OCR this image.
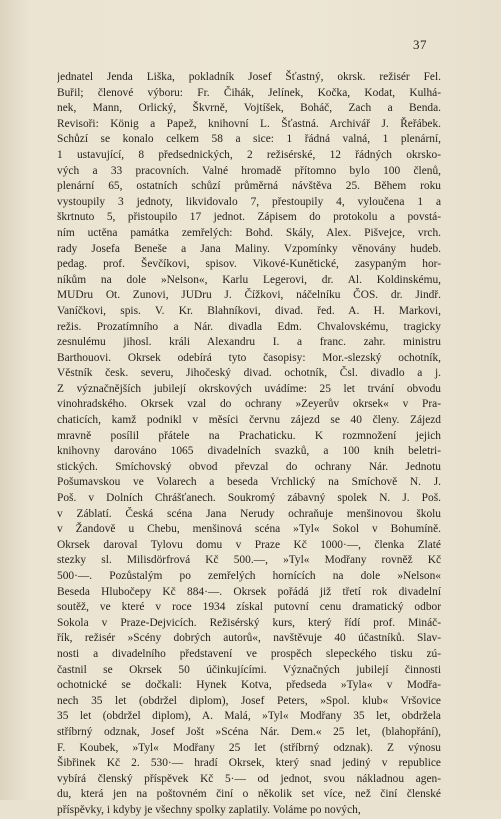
37
jednatel Jenda Liška, pokladník Josef Šťastný, okrsk. režisér Fel.
Buřil; členové výboru: Fr. Čihák, Jelínek, Kočka, Kodat, Kulhá-
nek, Mann, Orlický, Škvrně, Vojtíšek, Boháč, Zach a Benda.
Revisoři: König a Papež, knihovní L. Šťastná. Archivář J. Řeřábek.
Schůzí se konalo celkem 58 a sice: 1 řádná valná, 1 plenární,
1 ustavující, 8 předsednických, 2 režisérské, 12 řádných okrsko-
vých a 33 pracovních. Valné hromadě přítomno bylo 100 členů,
plenární 65, ostatních schůzí průměrná návštěva 25. Během roku
vystoupily 3 jednoty, likvidovalo 7, přestoupily 4, vyloučena 1 a
škrtnuto 5, přistoupilo 17 jednot. Zápisem do protokolu a povstá-
ním uctěna památka zemřelých: Bohd. Skály, Alex. Pišvejce, vrch.
rady Josefa Beneše a Jana Maliny. Vzpomínky věnovány hudeb.
pedag. prof. Ševčíkovi, spisov. Vikové-Kunětické, zasypaným hor-
níkům na dole »Nelson«, Karlu Legerovi, dr. Al. Koldinskému,
MUDru Ot. Zunovi, JUDru J. Čížkovi, náčelníku ČOS. dr. Jindř.
Vaníčkovi, spis. V. Kr. Blahníkovi, divad. řed. A. H. Markovi,
režis. Prozatímního a Nár. divadla Edm. Chvalovskému, tragicky
zesnulému jihosl. králi Alexandru I. a franc. zahr. ministru
Barthouovi. Okrsek odebírá tyto časopisy: Mor.-slezský ochotník,
Věstník česk. severu, Jihočeský divad. ochotník, Čsl. divadlo a j.
Z význačnějších jubilejí okrskových uvádíme: 25 let trvání obvodu
vinohradského. Okrsek vzal do ochrany »Zeyerův okrsek« v Pra-
chaticích, kamž podnikl v měsíci červnu zájezd se 40 členy. Zájezd
mravně posílil přátele na Prachaticku. K rozmnožení jejich
knihovny darováno 1065 divadelních svazků, a 100 knih beletri-
stických. Smíchovský obvod převzal do ochrany Nár. Jednotu
Pošumavskou ve Volarech a beseda Vrchlický na Smíchově N. J.
Poš. v Dolních Chrášťanech. Soukromý zábavný spolek N. J. Poš.
v Záblatí. Česká scéna Jana Nerudy ochraňuje menšinovou školu
v Žandově u Chebu, menšinová scéna »Tyl« Sokol v Bohumíně.
Okrsek daroval Tylovu domu v Praze Kč 1000·—, členka Zlaté
stezky sl. Milisdörfrová Kč 500.—, »Tyl« Modřany rovněž Kč
500·—. Pozůstalým po zemřelých hornících na dole »Nelson«
Beseda Hlubočepy Kč 884·—. Okrsek pořádá již třetí rok divadelní
soutěž, ve které v roce 1934 získal putovní cenu dramatický odbor
Sokola v Praze-Dejvicích. Režisérský kurs, který řídí prof. Mináč-
řík, režisér »Scény dobrých autorů«, navštěvuje 40 účastníků. Slav-
nosti a divadelního představení ve prospěch slepeckého tisku zú-
častnil se Okrsek 50 účinkujícími. Význačných jubilejí činnosti
ochotnické se dočkali: Hynek Kotva, předseda »Tyla« v Modřa-
nech 35 let (obdržel diplom), Josef Peters, »Spol. klub« Vršovice
35 let (obdržel diplom), A. Malá, »Tyl« Modřany 35 let, obdržela
stříbrný odznak, Josef Jošt »Scéna Nár. Dem.« 25 let, (blahopřání),
F. Koubek, »Tyl« Modřany 25 let (stříbrný odznak). Z výnosu
Šibřinek Kč 2. 530·— hradí Okrsek, který snad jediný v republice
vybírá členský příspěvek Kč 5·— od jednot, svou nákladnou agen-
du, která jen na poštovném činí o několik set více, než činí členské
příspěvky, i kdyby je všechny spolky zaplatily. Voláme po nových,
